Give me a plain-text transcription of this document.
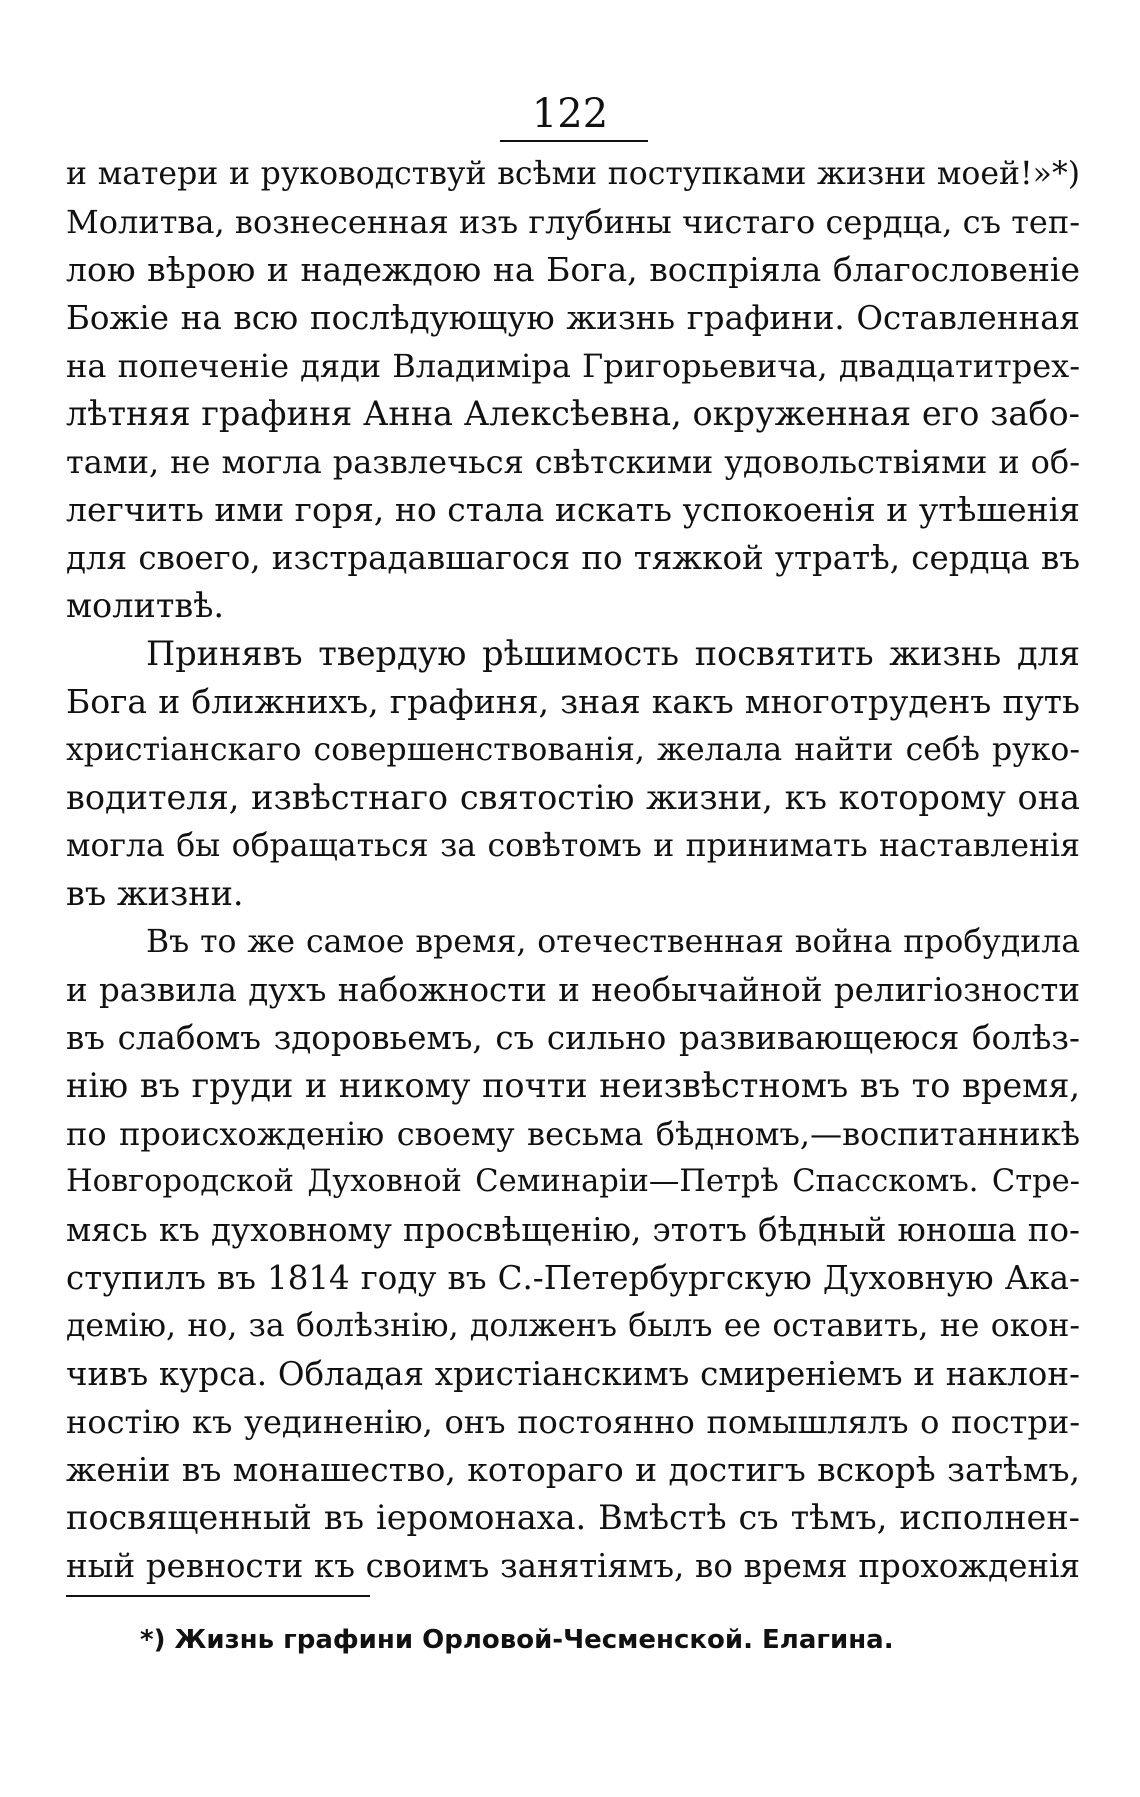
122
и матери и руководствуй всѣми поступками жизни моей!»*)
Молитва, вознесенная изъ глубины чистаго сердца, съ теп-
лою вѣрою и надеждою на Бога, воспріяла благословеніе
Божіе на всю послѣдующую жизнь графини. Оставленная
на попеченіе дяди Владиміра Григорьевича, двадцатитрех-
лѣтняя графиня Анна Алексѣевна, окруженная его забо-
тами, не могла развлечься свѣтскими удовольствіями и об-
легчить ими горя, но стала искать успокоенія и утѣшенія
для своего, изстрадавшагося по тяжкой утратѣ, сердца въ
молитвѣ.
Принявъ твердую рѣшимость посвятить жизнь для
Бога и ближнихъ, графиня, зная какъ многотруденъ путь
христіанскаго совершенствованія, желала найти себѣ руко-
водителя, извѣстнаго святостію жизни, къ которому она
могла бы обращаться за совѣтомъ и принимать наставленія
въ жизни.
Въ то же самое время, отечественная война пробудила
и развила духъ набожности и необычайной религіозности
въ слабомъ здоровьемъ, съ сильно развивающеюся болѣз-
нію въ груди и никому почти неизвѣстномъ въ то время,
по происхожденію своему весьма бѣдномъ,—воспитанникѣ
Новгородской Духовной Семинаріи—Петрѣ Спасскомъ. Стре-
мясь къ духовному просвѣщенію, этотъ бѣдный юноша по-
ступилъ въ 1814 году въ С.-Петербургскую Духовную Ака-
демію, но, за болѣзнію, долженъ былъ ее оставить, не окон-
чивъ курса. Обладая христіанскимъ смиреніемъ и наклон-
ностію къ уединенію, онъ постоянно помышлялъ о постри-
женіи въ монашество, котораго и достигъ вскорѣ затѣмъ,
посвященный въ іеромонаха. Вмѣстѣ съ тѣмъ, исполнен-
ный ревности къ своимъ занятіямъ, во время прохожденія
*) Жизнь графини Орловой-Чесменской. Елагина.
